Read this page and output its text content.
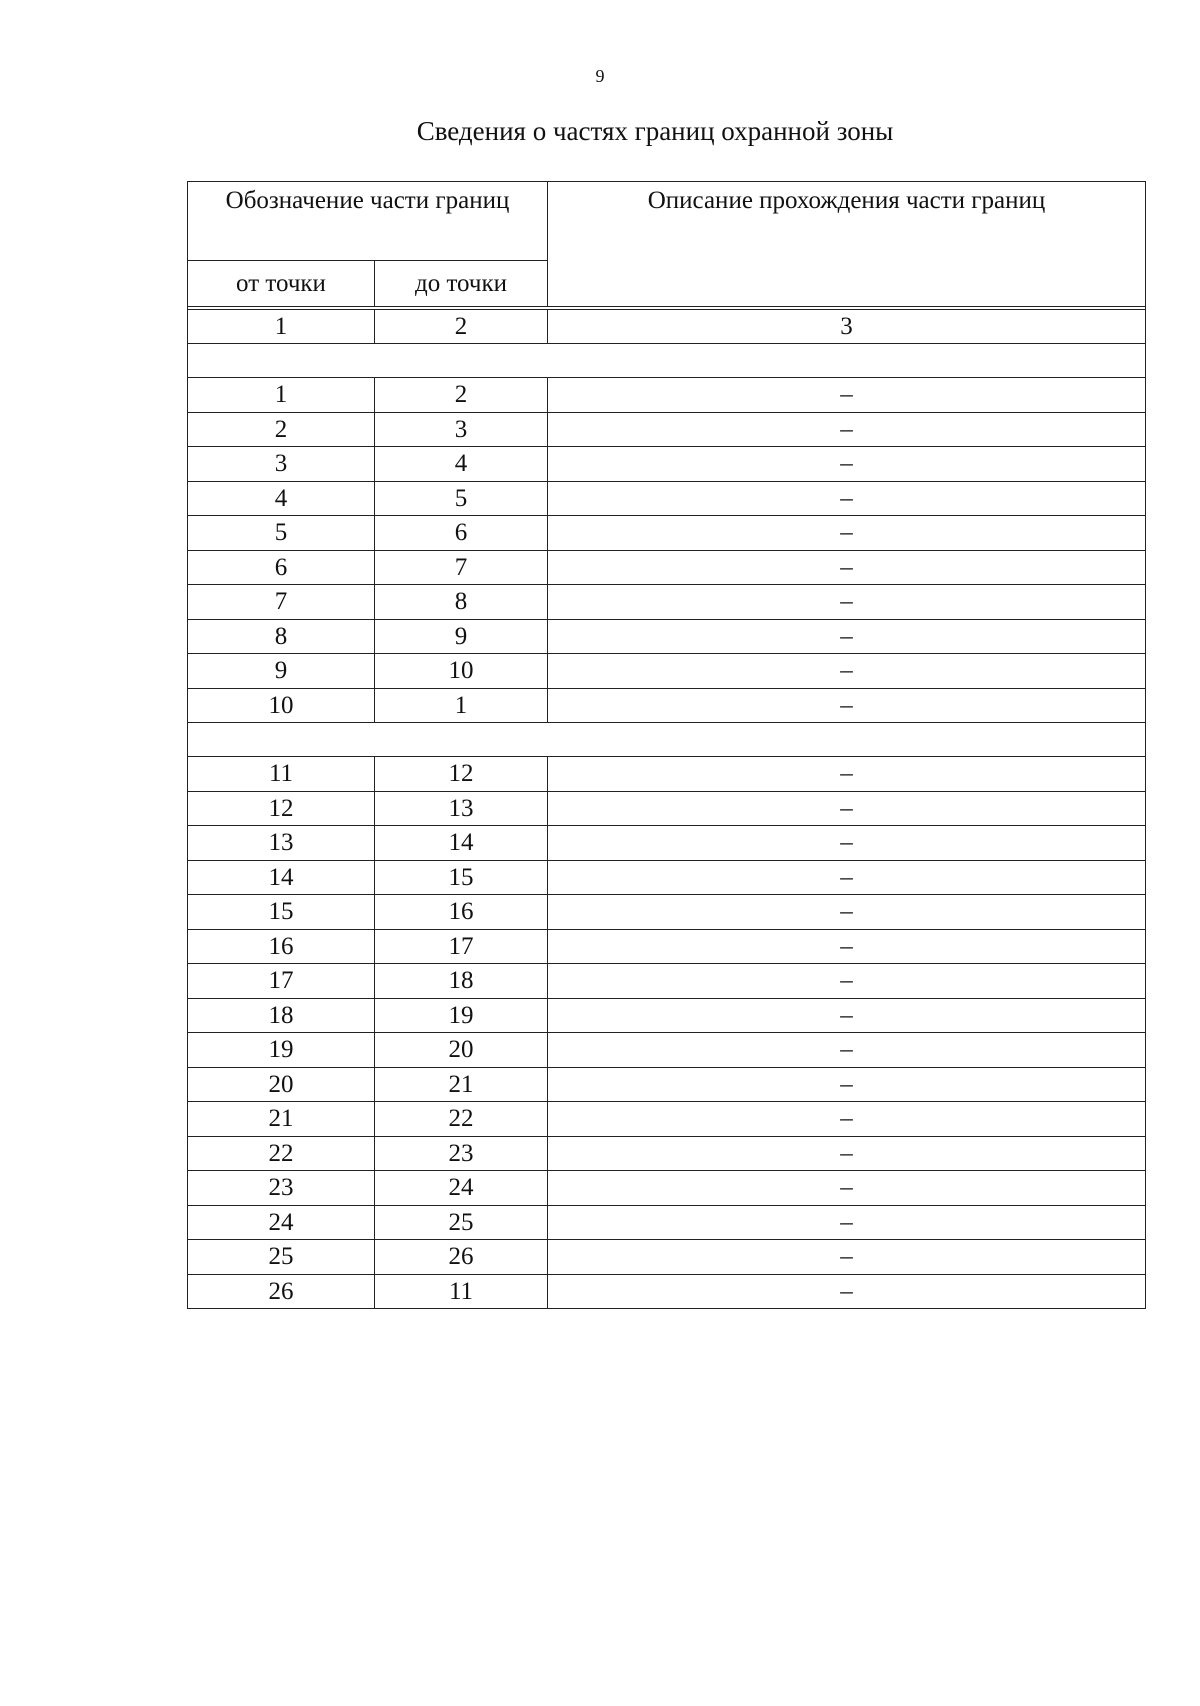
9
Сведения о частях границ охранной зоны
Обозначение части границ		Описание прохождения части границ
от точки	до точки	

1	2	3

1	2	–
2	3	–
3	4	–
4	5	–
5	6	–
6	7	–
7	8	–
8	9	–
9	10	–
10	1	–

11	12	–
12	13	–
13	14	–
14	15	–
15	16	–
16	17	–
17	18	–
18	19	–
19	20	–
20	21	–
21	22	–
22	23	–
23	24	–
24	25	–
25	26	–
26	11	–
